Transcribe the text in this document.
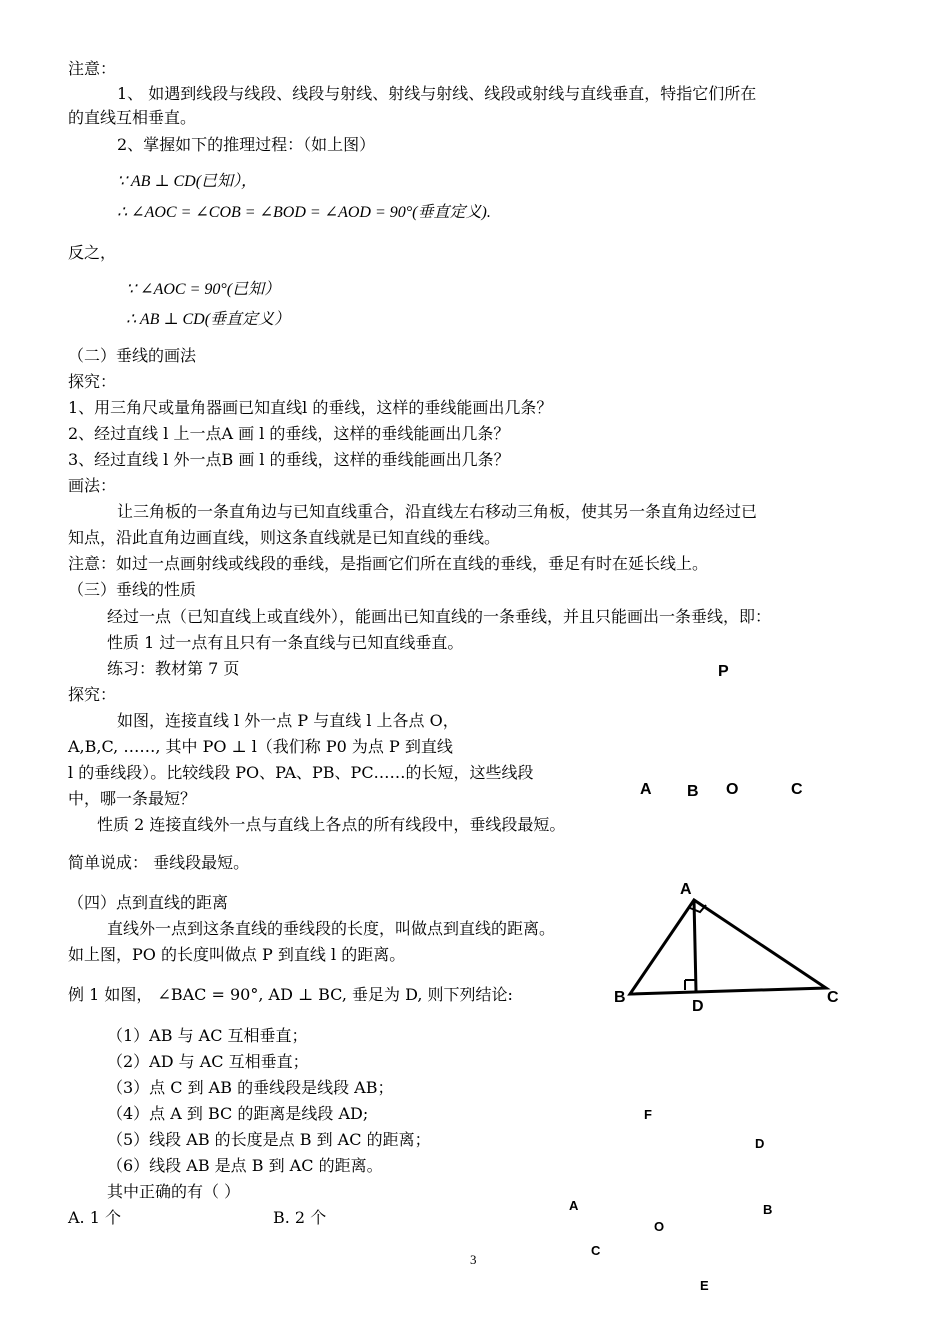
注意：
1、 如遇到线段与线段、线段与射线、射线与射线、线段或射线与直线垂直，特指它们所在
的直线互相垂直。
2、掌握如下的推理过程：（如上图）
∵ AB ⊥ CD(已知），
∴ ∠AOC = ∠COB = ∠BOD = ∠AOD = 90°(垂直定义).
反之，
∵ ∠AOC = 90°(已知）
∴ AB ⊥ CD(垂直定义）
（二）垂线的画法
探究：
1、用三角尺或量角器画已知直线l 的垂线，这样的垂线能画出几条？
2、经过直线 l 上一点A 画 l 的垂线，这样的垂线能画出几条？
3、经过直线 l 外一点B 画 l 的垂线，这样的垂线能画出几条？
画法：
让三角板的一条直角边与已知直线重合，沿直线左右移动三角板，使其另一条直角边经过已
知点，沿此直角边画直线，则这条直线就是已知直线的垂线。
注意：如过一点画射线或线段的垂线，是指画它们所在直线的垂线，垂足有时在延长线上。
（三）垂线的性质
经过一点（已知直线上或直线外），能画出已知直线的一条垂线，并且只能画出一条垂线，即：
性质 1 过一点有且只有一条直线与已知直线垂直。
练习：教材第 7 页
探究：
如图，连接直线 l 外一点 P 与直线 l 上各点 O，
A,B,C, ……, 其中 PO ⊥ l（我们称 P0 为点 P 到直线
l 的垂线段）。比较线段 PO、PA、PB、PC……的长短，这些线段
中，哪一条最短？
性质 2 连接直线外一点与直线上各点的所有线段中，垂线段最短。
简单说成： 垂线段最短。
（四）点到直线的距离
直线外一点到这条直线的垂线段的长度，叫做点到直线的距离。
如上图，PO 的长度叫做点 P 到直线 l 的距离。
例 1 如图， ∠BAC = 90°, AD ⊥ BC, 垂足为 D, 则下列结论:
（1）AB 与 AC 互相垂直；
（2）AD 与 AC 互相垂直；
（3）点 C 到 AB 的垂线段是线段 AB；
（4）点 A 到 BC 的距离是线段 AD;
（5）线段 AB 的长度是点 B 到 AC 的距离；
（6）线段 AB 是点 B 到 AC 的距离。
其中正确的有（ ）
A. 1 个	B. 2 个
3
P
A B O	C
A
B	C
D
F
D
A	B
O
C
E
